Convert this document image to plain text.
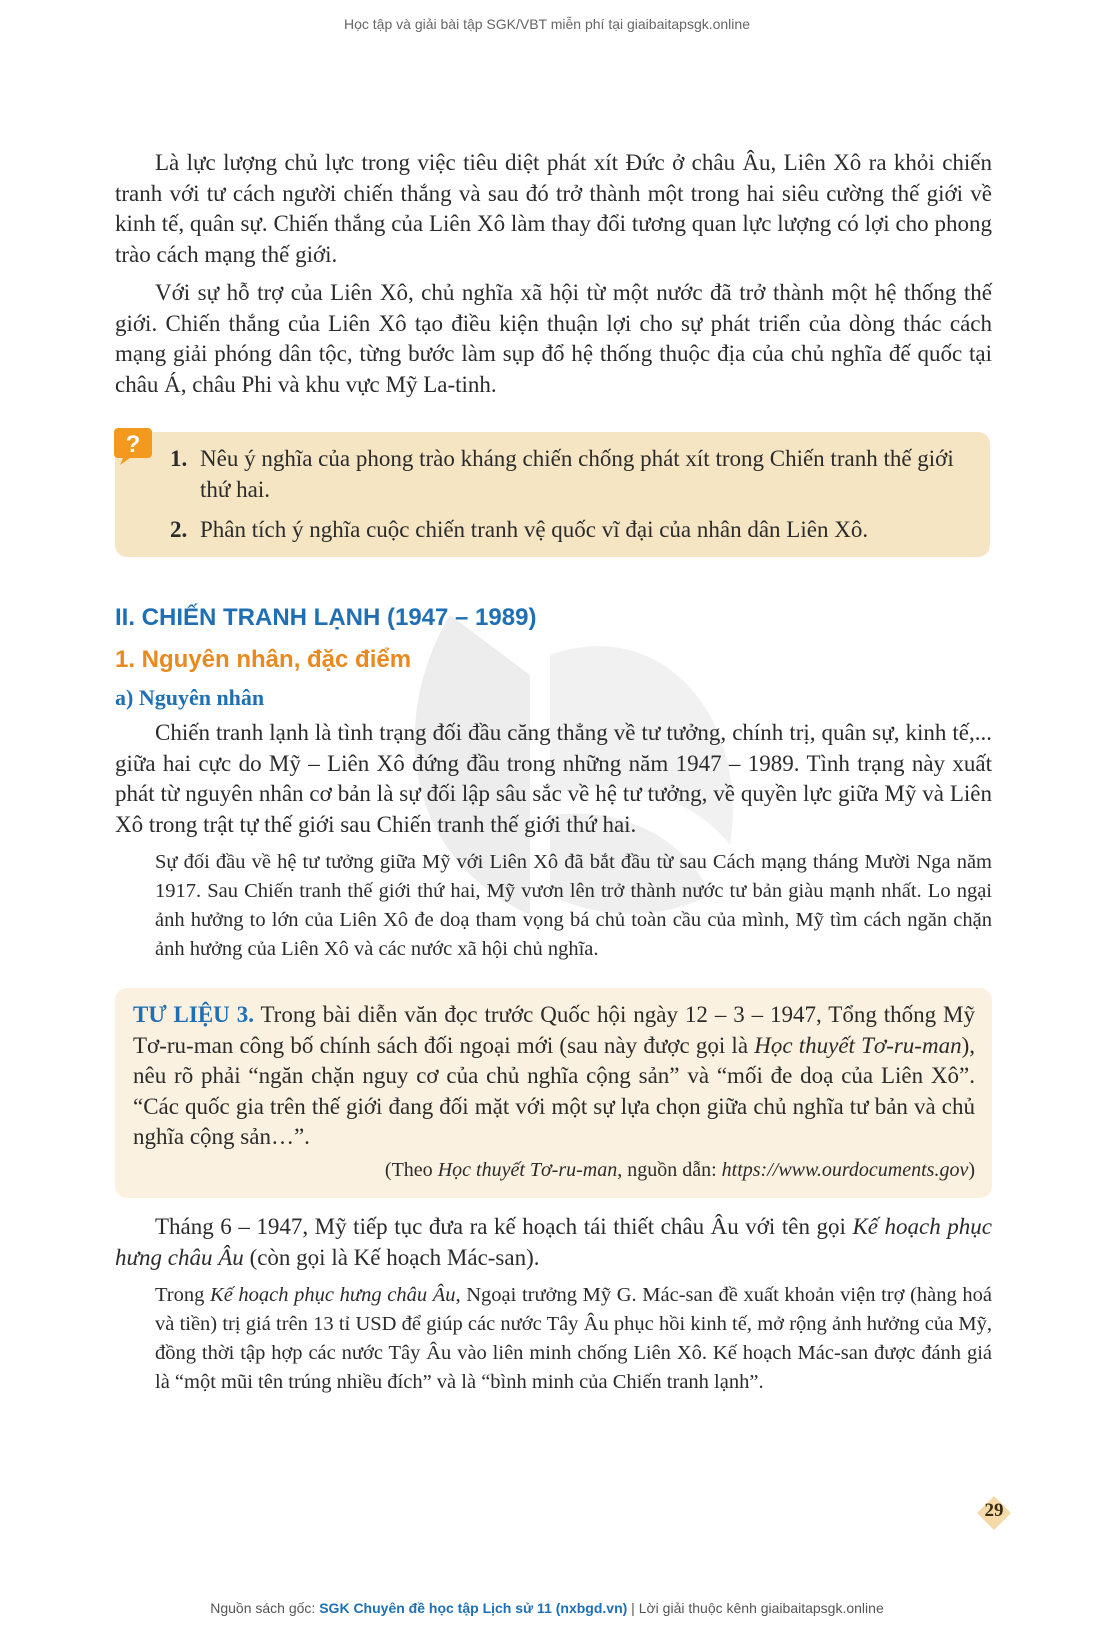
Học tập và giải bài tập SGK/VBT miễn phí tại giaibaitapsgk.online

Là lực lượng chủ lực trong việc tiêu diệt phát xít Đức ở châu Âu, Liên Xô ra khỏi chiến tranh với tư cách người chiến thắng và sau đó trở thành một trong hai siêu cường thế giới về kinh tế, quân sự. Chiến thắng của Liên Xô làm thay đổi tương quan lực lượng có lợi cho phong trào cách mạng thế giới.

Với sự hỗ trợ của Liên Xô, chủ nghĩa xã hội từ một nước đã trở thành một hệ thống thế giới. Chiến thắng của Liên Xô tạo điều kiện thuận lợi cho sự phát triển của dòng thác cách mạng giải phóng dân tộc, từng bước làm sụp đổ hệ thống thuộc địa của chủ nghĩa đế quốc tại châu Á, châu Phi và khu vực Mỹ La-tinh.

?
1. Nêu ý nghĩa của phong trào kháng chiến chống phát xít trong Chiến tranh thế giới thứ hai.
2. Phân tích ý nghĩa cuộc chiến tranh vệ quốc vĩ đại của nhân dân Liên Xô.
II. CHIẾN TRANH LẠNH (1947 – 1989)
1. Nguyên nhân, đặc điểm
a) Nguyên nhân

Chiến tranh lạnh là tình trạng đối đầu căng thẳng về tư tưởng, chính trị, quân sự, kinh tế,... giữa hai cực do Mỹ – Liên Xô đứng đầu trong những năm 1947 – 1989. Tình trạng này xuất phát từ nguyên nhân cơ bản là sự đối lập sâu sắc về hệ tư tưởng, về quyền lực giữa Mỹ và Liên Xô trong trật tự thế giới sau Chiến tranh thế giới thứ hai.

Sự đối đầu về hệ tư tưởng giữa Mỹ với Liên Xô đã bắt đầu từ sau Cách mạng tháng Mười Nga năm 1917. Sau Chiến tranh thế giới thứ hai, Mỹ vươn lên trở thành nước tư bản giàu mạnh nhất. Lo ngại ảnh hưởng to lớn của Liên Xô đe doạ tham vọng bá chủ toàn cầu của mình, Mỹ tìm cách ngăn chặn ảnh hưởng của Liên Xô và các nước xã hội chủ nghĩa.

TƯ LIỆU 3. Trong bài diễn văn đọc trước Quốc hội ngày 12 – 3 – 1947, Tổng thống Mỹ Tơ-ru-man công bố chính sách đối ngoại mới (sau này được gọi là Học thuyết Tơ-ru-man), nêu rõ phải “ngăn chặn nguy cơ của chủ nghĩa cộng sản” và “mối đe doạ của Liên Xô”. “Các quốc gia trên thế giới đang đối mặt với một sự lựa chọn giữa chủ nghĩa tư bản và chủ nghĩa cộng sản…”.

(Theo Học thuyết Tơ-ru-man, nguồn dẫn: https://www.ourdocuments.gov)

Tháng 6 – 1947, Mỹ tiếp tục đưa ra kế hoạch tái thiết châu Âu với tên gọi Kế hoạch phục hưng châu Âu (còn gọi là Kế hoạch Mác-san).

Trong Kế hoạch phục hưng châu Âu, Ngoại trưởng Mỹ G. Mác-san đề xuất khoản viện trợ (hàng hoá và tiền) trị giá trên 13 tỉ USD để giúp các nước Tây Âu phục hồi kinh tế, mở rộng ảnh hưởng của Mỹ, đồng thời tập hợp các nước Tây Âu vào liên minh chống Liên Xô. Kế hoạch Mác-san được đánh giá là “một mũi tên trúng nhiều đích” và là “bình minh của Chiến tranh lạnh”.

29
Nguồn sách gốc: SGK Chuyên đề học tập Lịch sử 11 (nxbgd.vn) | Lời giải thuộc kênh giaibaitapsgk.online
